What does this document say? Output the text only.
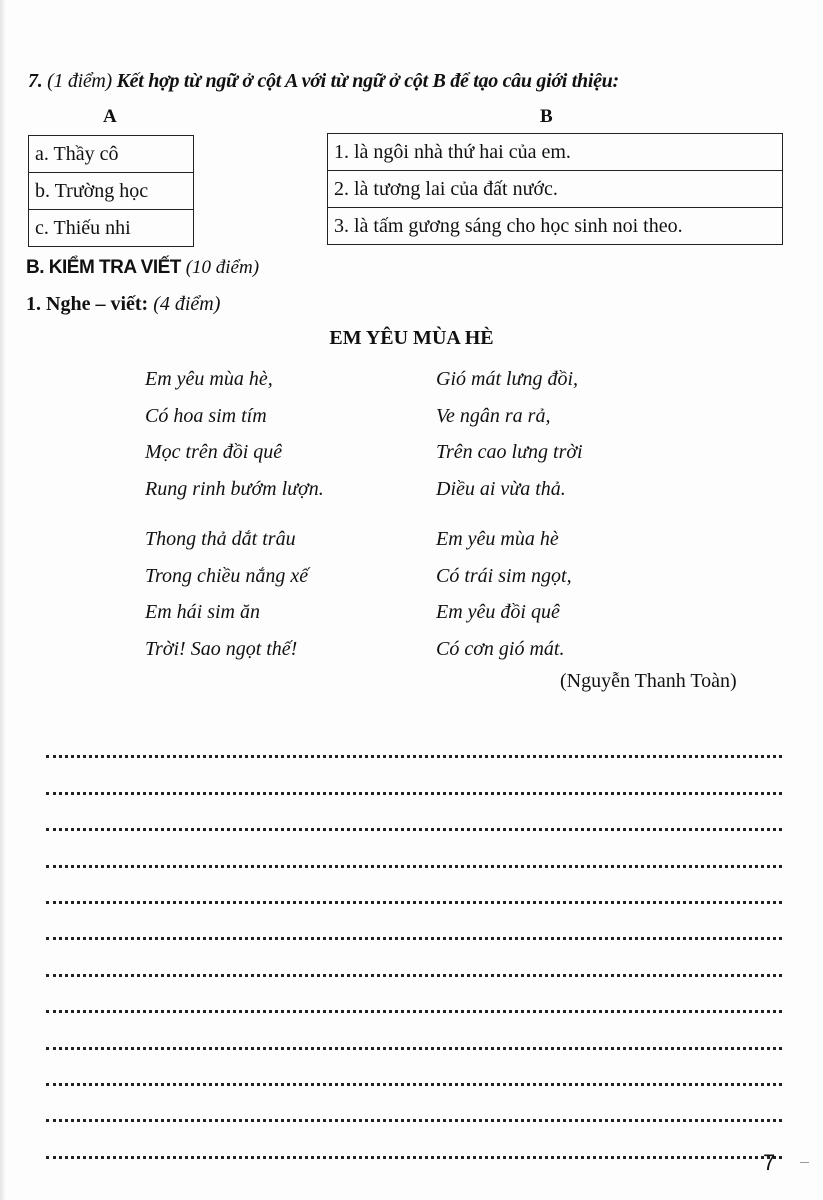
7. (1 điểm) Kết hợp từ ngữ ở cột A với từ ngữ ở cột B để tạo câu giới thiệu:
A	B
a. Thầy cô
b. Trường học
c. Thiếu nhi
1. là ngôi nhà thứ hai của em.
2. là tương lai của đất nước.
3. là tấm gương sáng cho học sinh noi theo.
B. KIỂM TRA VIẾT (10 điểm)
1. Nghe – viết: (4 điểm)
EM YÊU MÙA HÈ
Em yêu mùa hè,
Có hoa sim tím
Mọc trên đồi quê
Rung rinh bướm lượn.
Gió mát lưng đồi,
Ve ngân ra rả,
Trên cao lưng trời
Diều ai vừa thả.
Thong thả dắt trâu
Trong chiều nắng xế
Em hái sim ăn
Trời! Sao ngọt thế!
Em yêu mùa hè
Có trái sim ngọt,
Em yêu đồi quê
Có cơn gió mát.
(Nguyễn Thanh Toàn)
7
